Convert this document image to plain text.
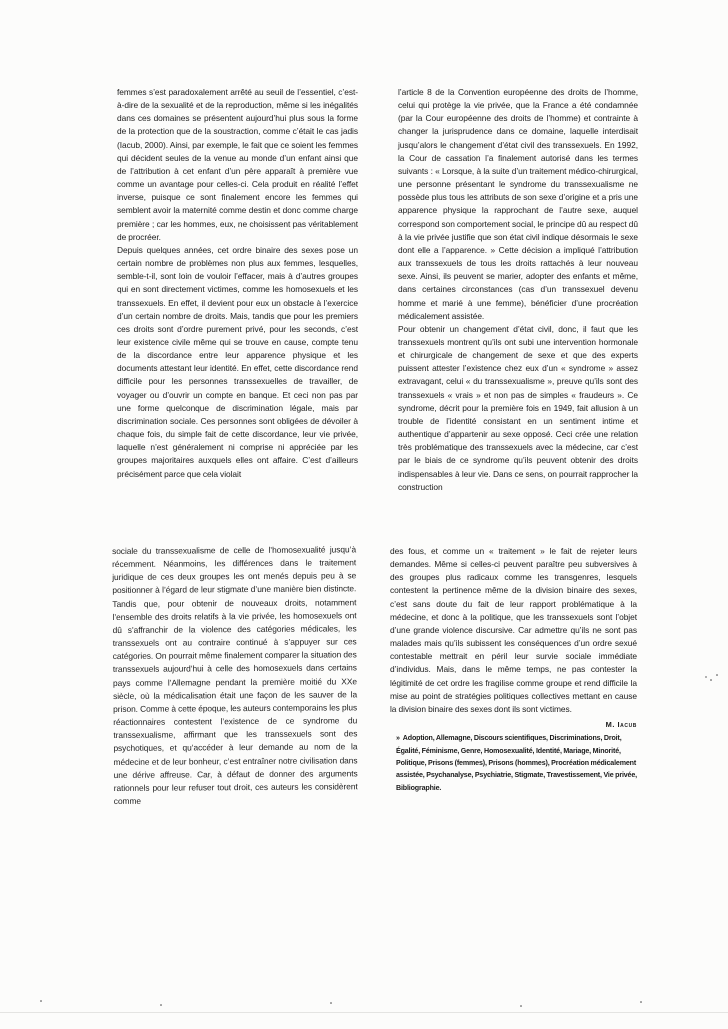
femmes s’est paradoxalement arrêté au seuil de l’essentiel, c’est-à-dire de la sexualité et de la reproduction, même si les inégalités dans ces domaines se présentent aujourd’hui plus sous la forme de la protection que de la soustraction, comme c’était le cas jadis (Iacub, 2000). Ainsi, par exemple, le fait que ce soient les femmes qui décident seules de la venue au monde d’un enfant ainsi que de l’attribution à cet enfant d’un père apparaît à première vue comme un avantage pour celles-ci. Cela produit en réalité l’effet inverse, puisque ce sont finalement encore les femmes qui semblent avoir la maternité comme destin et donc comme charge première ; car les hommes, eux, ne choisissent pas véritablement de procréer.

Depuis quelques années, cet ordre binaire des sexes pose un certain nombre de problèmes non plus aux femmes, lesquelles, semble-t-il, sont loin de vouloir l’effacer, mais à d’autres groupes qui en sont directement victimes, comme les homosexuels et les transsexuels. En effet, il devient pour eux un obstacle à l’exercice d’un certain nombre de droits. Mais, tandis que pour les premiers ces droits sont d’ordre purement privé, pour les seconds, c’est leur existence civile même qui se trouve en cause, compte tenu de la discordance entre leur apparence physique et les documents attestant leur identité. En effet, cette discordance rend difficile pour les personnes transsexuelles de travailler, de voyager ou d’ouvrir un compte en banque. Et ceci non pas par une forme quelconque de discrimination légale, mais par discrimination sociale. Ces personnes sont obligées de dévoiler à chaque fois, du simple fait de cette discordance, leur vie privée, laquelle n’est généralement ni comprise ni appréciée par les groupes majoritaires auxquels elles ont affaire. C’est d’ailleurs précisément parce que cela violait

l’article 8 de la Convention européenne des droits de l’homme, celui qui protège la vie privée, que la France a été condamnée (par la Cour européenne des droits de l’homme) et contrainte à changer la jurisprudence dans ce domaine, laquelle interdisait jusqu’alors le changement d’état civil des transsexuels. En 1992, la Cour de cassation l’a finalement autorisé dans les termes suivants : « Lorsque, à la suite d’un traitement médico-chirurgical, une personne présentant le syndrome du transsexualisme ne possède plus tous les attributs de son sexe d’origine et a pris une apparence physique la rapprochant de l’autre sexe, auquel correspond son comportement social, le principe dû au respect dû à la vie privée justifie que son état civil indique désormais le sexe dont elle a l’apparence. » Cette décision a impliqué l’attribution aux transsexuels de tous les droits rattachés à leur nouveau sexe. Ainsi, ils peuvent se marier, adopter des enfants et même, dans certaines circonstances (cas d’un transsexuel devenu homme et marié à une femme), bénéficier d’une procréation médicalement assistée.

Pour obtenir un changement d’état civil, donc, il faut que les transsexuels montrent qu’ils ont subi une intervention hormonale et chirurgicale de changement de sexe et que des experts puissent attester l’existence chez eux d’un « syndrome » assez extravagant, celui « du transsexualisme », preuve qu’ils sont des transsexuels « vrais » et non pas de simples « fraudeurs ». Ce syndrome, décrit pour la première fois en 1949, fait allusion à un trouble de l’identité consistant en un sentiment intime et authentique d’appartenir au sexe opposé. Ceci crée une relation très problématique des transsexuels avec la médecine, car c’est par le biais de ce syndrome qu’ils peuvent obtenir des droits indispensables à leur vie. Dans ce sens, on pourrait rapprocher la construction

sociale du transsexualisme de celle de l’homosexualité jusqu’à récemment. Néanmoins, les différences dans le traitement juridique de ces deux groupes les ont menés depuis peu à se positionner à l’égard de leur stigmate d’une manière bien distincte. Tandis que, pour obtenir de nouveaux droits, notamment l’ensemble des droits relatifs à la vie privée, les homosexuels ont dû s’affranchir de la violence des catégories médicales, les transsexuels ont au contraire continué à s’appuyer sur ces catégories. On pourrait même finalement comparer la situation des transsexuels aujourd’hui à celle des homosexuels dans certains pays comme l’Allemagne pendant la première moitié du XXe siècle, où la médicalisation était une façon de les sauver de la prison. Comme à cette époque, les auteurs contemporains les plus réactionnaires contestent l’existence de ce syndrome du transsexualisme, affirmant que les transsexuels sont des psychotiques, et qu’accéder à leur demande au nom de la médecine et de leur bonheur, c’est entraîner notre civilisation dans une dérive affreuse. Car, à défaut de donner des arguments rationnels pour leur refuser tout droit, ces auteurs les considèrent comme

des fous, et comme un « traitement » le fait de rejeter leurs demandes. Même si celles-ci peuvent paraître peu subversives à des groupes plus radicaux comme les transgenres, lesquels contestent la pertinence même de la division binaire des sexes, c’est sans doute du fait de leur rapport problématique à la médecine, et donc à la politique, que les transsexuels sont l’objet d’une grande violence discursive. Car admettre qu’ils ne sont pas malades mais qu’ils subissent les conséquences d’un ordre sexué contestable mettrait en péril leur survie sociale immédiate d’individus. Mais, dans le même temps, ne pas contester la légitimité de cet ordre les fragilise comme groupe et rend difficile la mise au point de stratégies politiques collectives mettant en cause la division binaire des sexes dont ils sont victimes.

M. Iacub

» Adoption, Allemagne, Discours scientifiques, Discriminations, Droit, Égalité, Féminisme, Genre, Homosexualité, Identité, Mariage, Minorité, Politique, Prisons (femmes), Prisons (hommes), Procréation médicalement assistée, Psychanalyse, Psychiatrie, Stigmate, Travestissement, Vie privée, Bibliographie.
